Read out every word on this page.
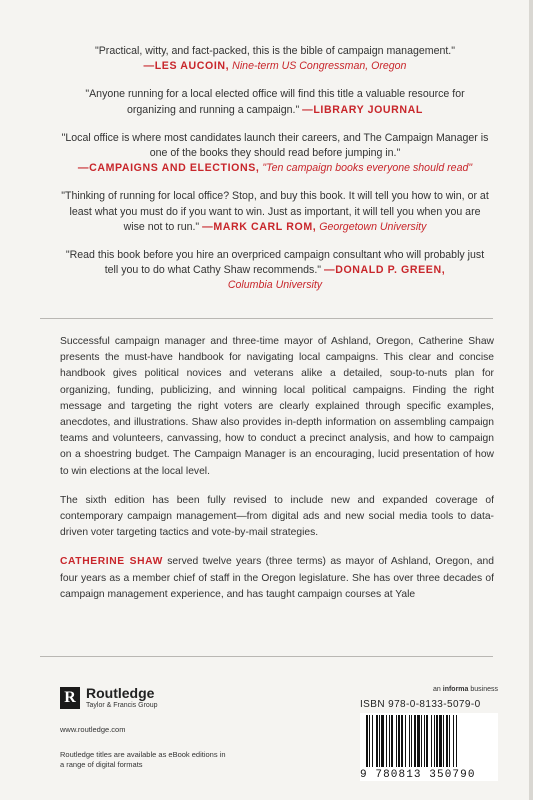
"Practical, witty, and fact-packed, this is the bible of campaign management."
—LES AUCOIN, Nine-term US Congressman, Oregon
"Anyone running for a local elected office will find this title a valuable resource for organizing and running a campaign." —LIBRARY JOURNAL
"Local office is where most candidates launch their careers, and The Campaign Manager is one of the books they should read before jumping in."
—CAMPAIGNS AND ELECTIONS, "Ten campaign books everyone should read"
"Thinking of running for local office? Stop, and buy this book. It will tell you how to win, or at least what you must do if you want to win. Just as important, it will tell you when you are wise not to run." —MARK CARL ROM, Georgetown University
"Read this book before you hire an overpriced campaign consultant who will probably just tell you to do what Cathy Shaw recommends." —DONALD P. GREEN,
Columbia University

Successful campaign manager and three-time mayor of Ashland, Oregon, Catherine Shaw presents the must-have handbook for navigating local campaigns. This clear and concise handbook gives political novices and veterans alike a detailed, soup-to-nuts plan for organizing, funding, publicizing, and winning local political campaigns. Finding the right message and targeting the right voters are clearly explained through specific examples, anecdotes, and illustrations. Shaw also provides in-depth information on assembling campaign teams and volunteers, canvassing, how to conduct a precinct analysis, and how to campaign on a shoestring budget. The Campaign Manager is an encouraging, lucid presentation of how to win elections at the local level.

The sixth edition has been fully revised to include new and expanded coverage of contemporary campaign management—from digital ads and new social media tools to data-driven voter targeting tactics and vote-by-mail strategies.

CATHERINE SHAW served twelve years (three terms) as mayor of Ashland, Oregon, and four years as a member chief of staff in the Oregon legislature. She has over three decades of campaign management experience, and has taught campaign courses at Yale

R Routledge
Taylor & Francis Group
www.routledge.com
Routledge titles are available as eBook editions in a range of digital formats
an informa business
ISBN 978-0-8133-5079-0
9 780813 350790
